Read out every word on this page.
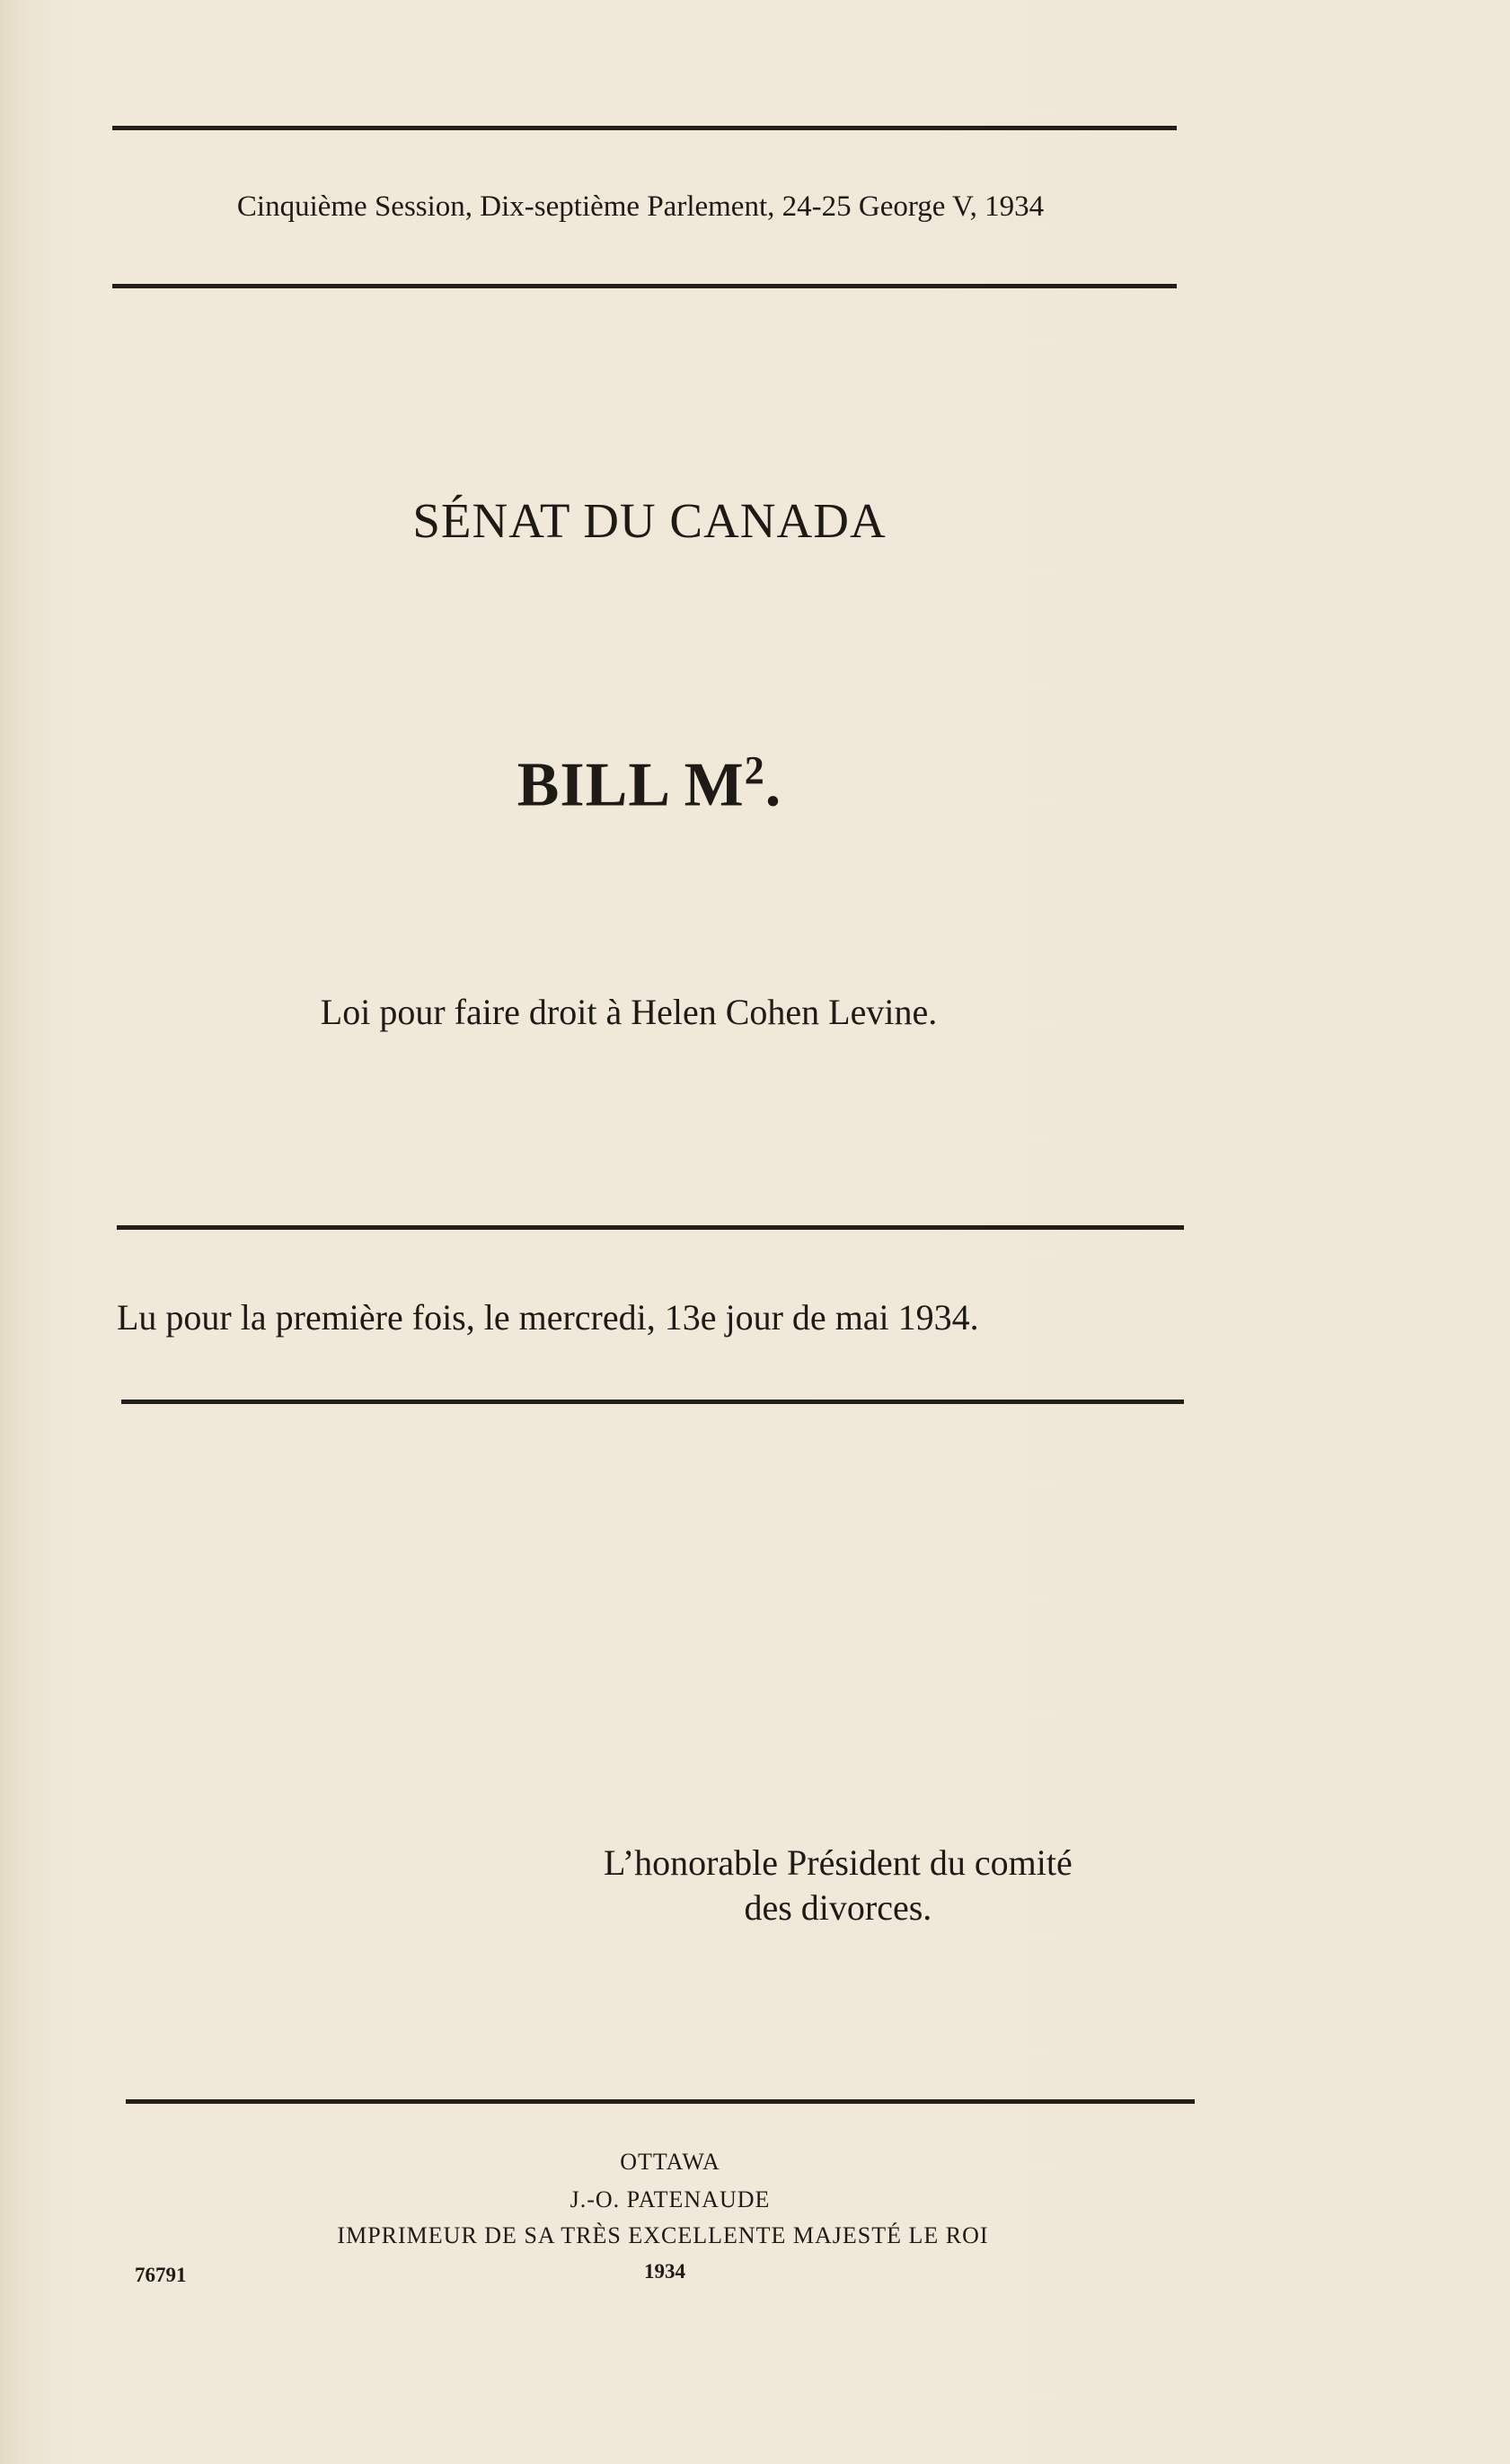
Cinquième Session, Dix-septième Parlement, 24-25 George V, 1934
SÉNAT DU CANADA
BILL $M^2$.
Loi pour faire droit à Helen Cohen Levine.
Lu pour la première fois, le mercredi, 13e jour de mai 1934.
L’honorable Président du comité
des divorces.
OTTAWA
J.-O. PATENAUDE
IMPRIMEUR DE SA TRÈS EXCELLENTE MAJESTÉ LE ROI
1934
76791
